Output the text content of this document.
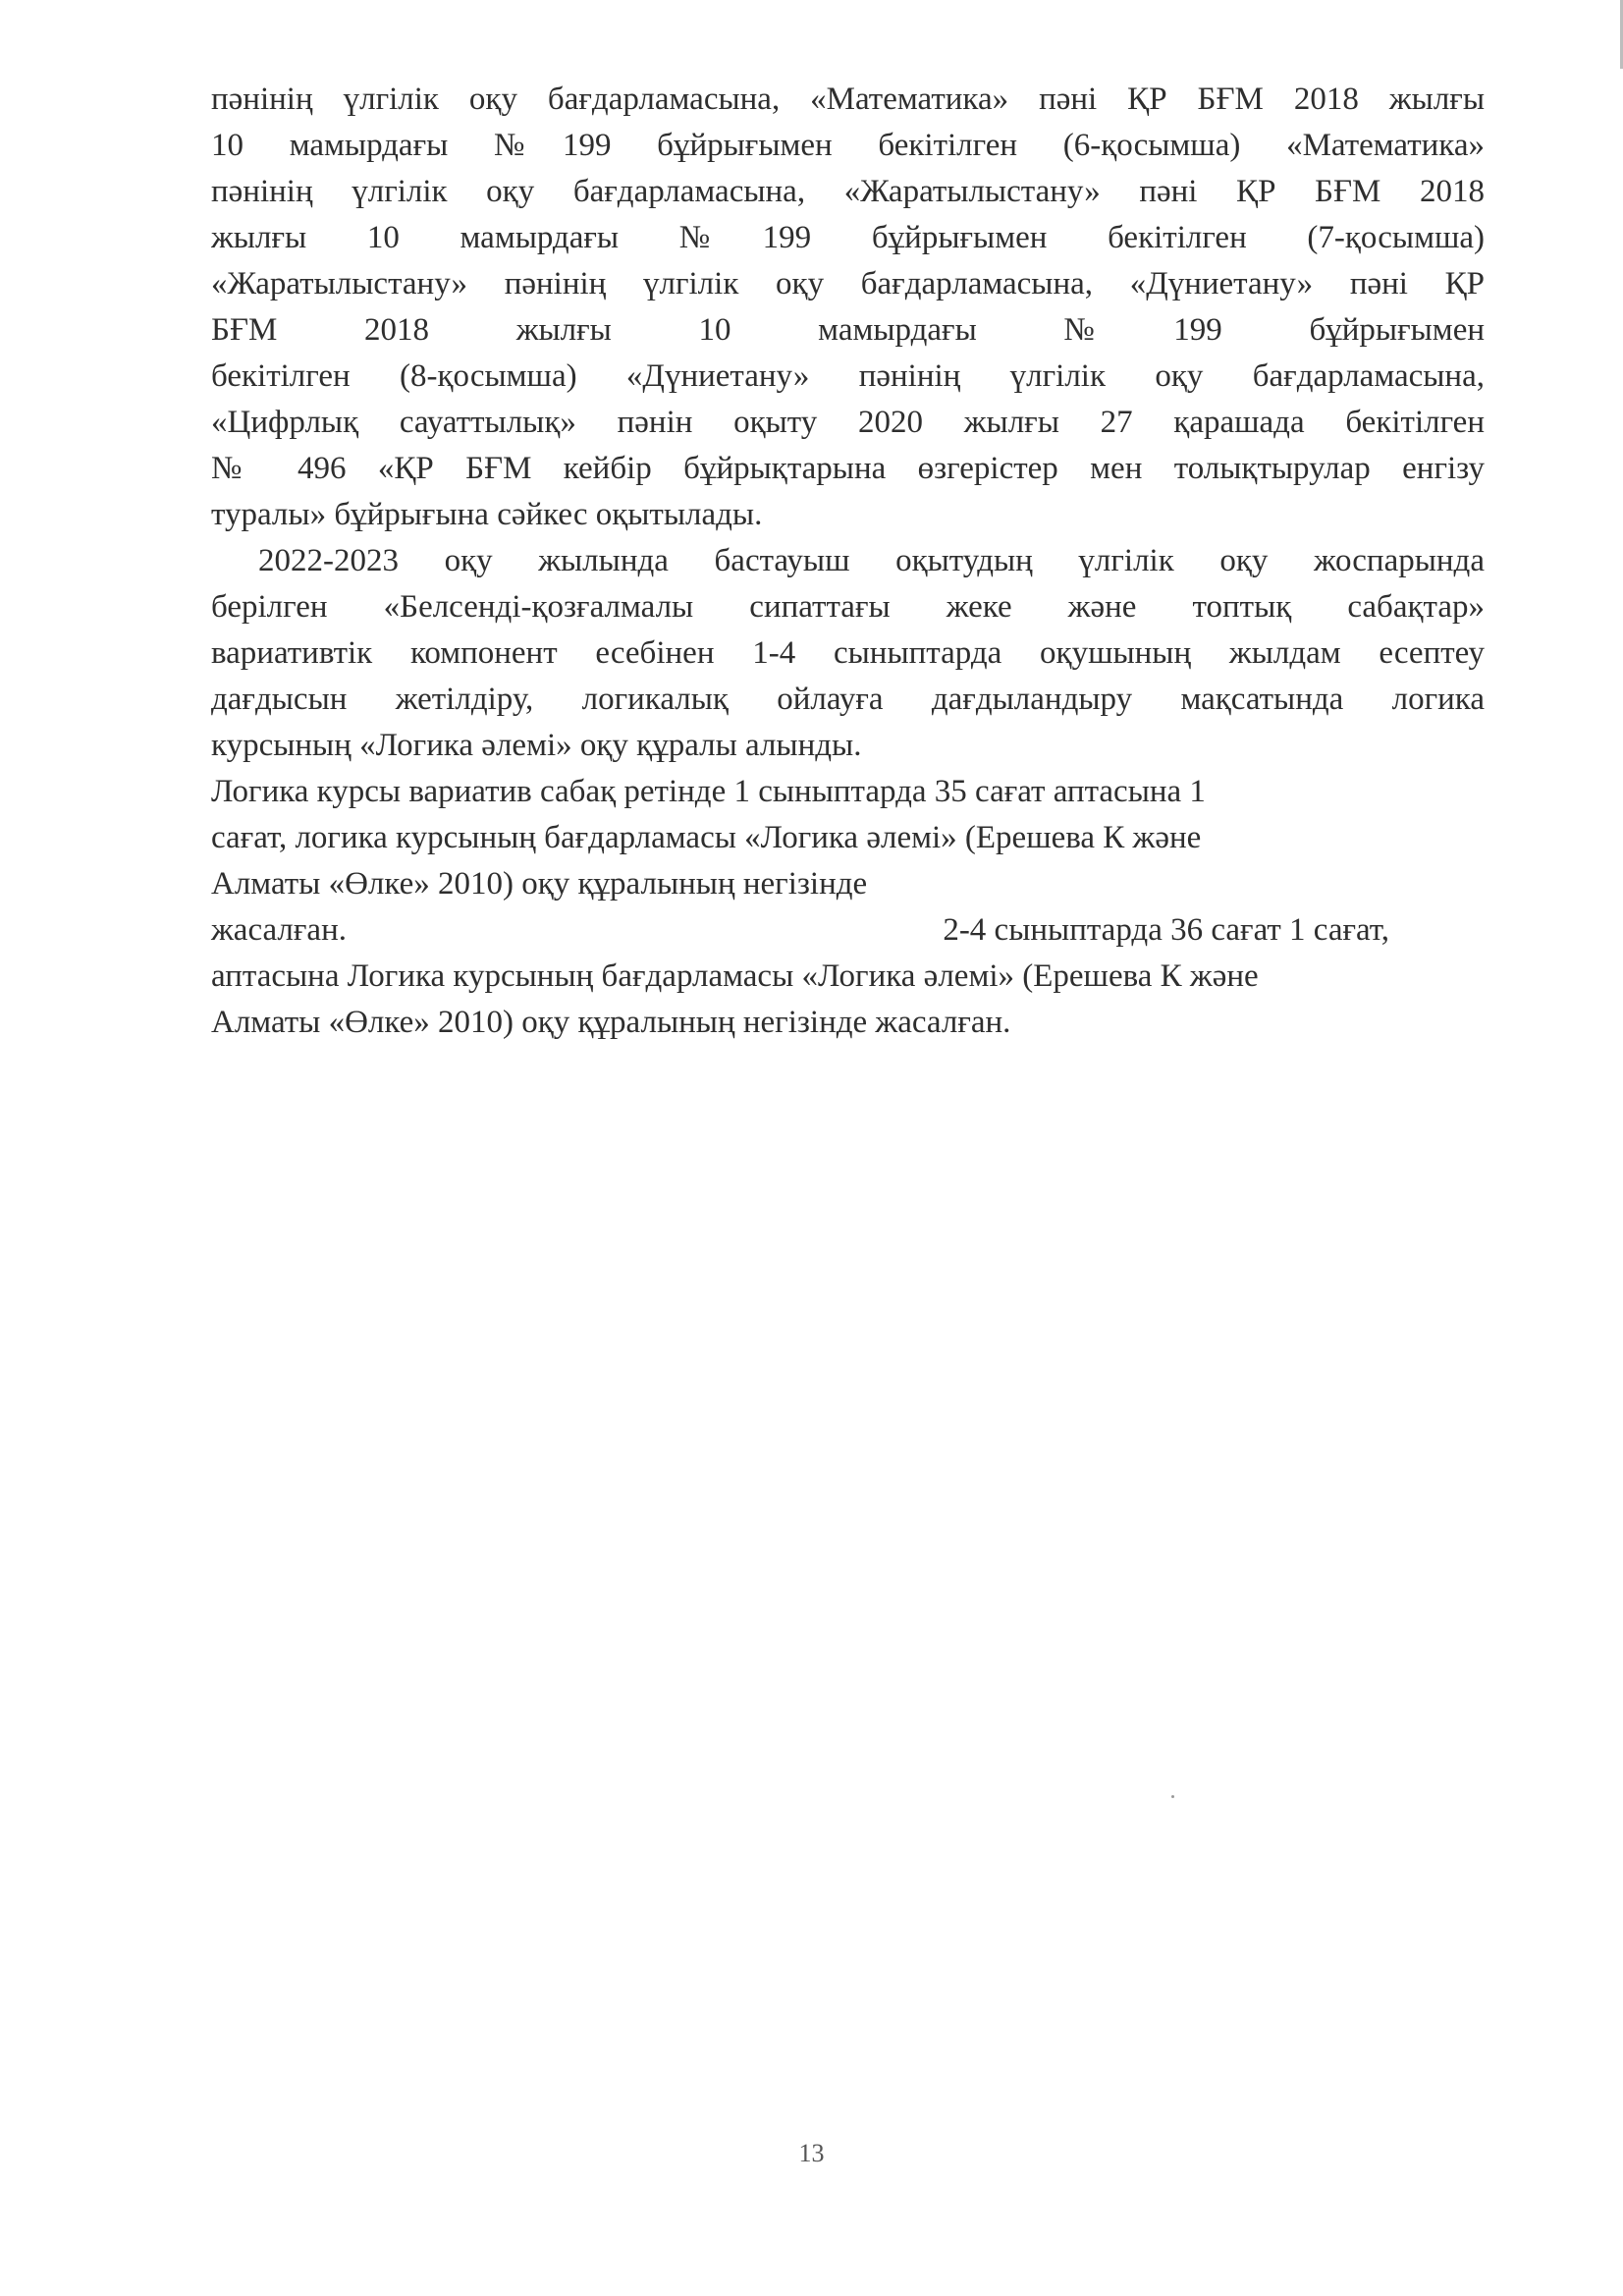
пәнінің үлгілік оқу бағдарламасына, «Математика» пәні ҚР БҒМ 2018 жылғы
10 мамырдағы №199 бұйрығымен бекітілген (6-қосымша) «Математика»
пәнінің үлгілік оқу бағдарламасына, «Жаратылыстану» пәні ҚР БҒМ 2018
жылғы 10 мамырдағы №199 бұйрығымен бекітілген (7-қосымша)
«Жаратылыстану» пәнінің үлгілік оқу бағдарламасына, «Дүниетану» пәні ҚР
БҒМ 2018 жылғы 10 мамырдағы №199 бұйрығымен
бекітілген (8-қосымша) «Дүниетану» пәнінің үлгілік оқу бағдарламасына,
«Цифрлық сауаттылық» пәнін оқыту 2020 жылғы 27 қарашада бекітілген
№ 496 «ҚР БҒМ кейбір бұйрықтарына өзгерістер мен толықтырулар енгізу
туралы» бұйрығына сәйкес оқытылады.
2022-2023 оқу жылында бастауыш оқытудың үлгілік оқу жоспарында
берілген «Белсенді-қозғалмалы сипаттағы жеке және топтық сабақтар»
вариативтік компонент есебінен 1-4 сыныптарда оқушының жылдам есептеу
дағдысын жетілдіру, логикалық ойлауға дағдыландыру мақсатында логика
курсының «Логика әлемі» оқу құралы алынды.
Логика курсы вариатив сабақ ретінде 1 сыныптарда 35 сағат аптасына 1
сағат, логика курсының бағдарламасы «Логика әлемі» (Ерешева К және
Алматы «Өлке» 2010) оқу құралының негізінде
жасалған.	2-4 сыныптарда 36 сағат 1 сағат,
аптасына Логика курсының бағдарламасы «Логика әлемі» (Ерешева К және
Алматы «Өлке» 2010) оқу құралының негізінде жасалған.
13
